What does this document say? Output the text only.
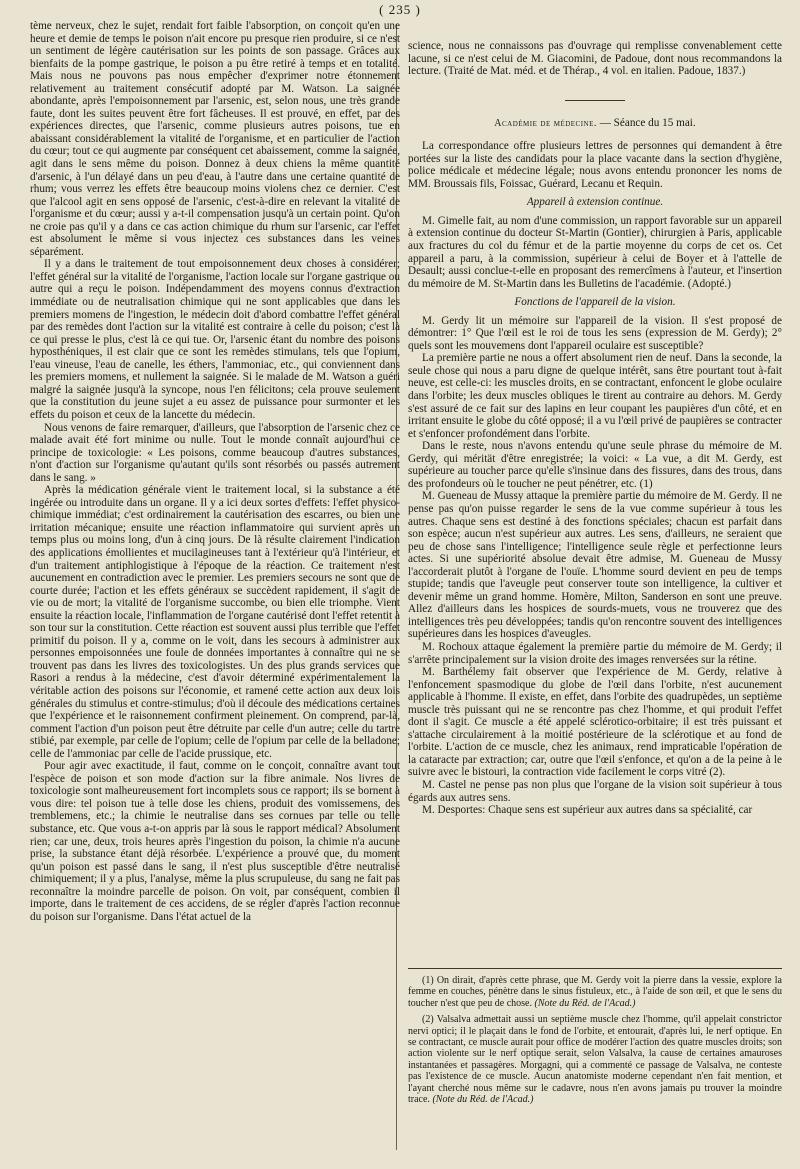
( 235 )

tème nerveux, chez le sujet, rendait fort faible l'absorption, on conçoit qu'en une heure et demie de temps le poison n'ait encore pu presque rien produire, si ce n'est un sentiment de légère cautérisation sur les points de son passage. Grâces aux bienfaits de la pompe gastrique, le poison a pu être retiré à temps et en totalité. Mais nous ne pouvons pas nous empêcher d'exprimer notre étonnement relativement au traitement consécutif adopté par M. Watson. La saignée abondante, après l'empoisonnement par l'arsenic, est, selon nous, une très grande faute, dont les suites peuvent être fort fâcheuses. Il est prouvé, en effet, par des expériences directes, que l'arsenic, comme plusieurs autres poisons, tue en abaissant considérablement la vitalité de l'organisme, et en particulier de l'action du cœur; tout ce qui augmente par conséquent cet abaissement, comme la saignée, agit dans le sens même du poison. Donnez à deux chiens la même quantité d'arsenic, à l'un délayé dans un peu d'eau, à l'autre dans une certaine quantité de rhum; vous verrez les effets être beaucoup moins violens chez ce dernier. C'est que l'alcool agit en sens opposé de l'arsenic, c'est-à-dire en relevant la vitalité de l'organisme et du cœur; aussi y a-t-il compensation jusqu'à un certain point. Qu'on ne croie pas qu'il y a dans ce cas action chimique du rhum sur l'arsenic, car l'effet est absolument le même si vous injectez ces substances dans les veines séparément.

Il y a dans le traitement de tout empoisonnement deux choses à considérer; l'effet général sur la vitalité de l'organisme, l'action locale sur l'organe gastrique ou autre qui a reçu le poison. Indépendamment des moyens connus d'extraction immédiate ou de neutralisation chimique qui ne sont applicables que dans les premiers momens de l'ingestion, le médecin doit d'abord combattre l'effet général par des remèdes dont l'action sur la vitalité est contraire à celle du poison; c'est là ce qui presse le plus, c'est là ce qui tue. Or, l'arsenic étant du nombre des poisons hyposthéniques, il est clair que ce sont les remèdes stimulans, tels que l'opium, l'eau vineuse, l'eau de canelle, les éthers, l'ammoniac, etc., qui conviennent dans les premiers momens, et nullement la saignée. Si le malade de M. Watson a guéri malgré la saignée jusqu'à la syncope, nous l'en félicitons; cela prouve seulement que la constitution du jeune sujet a eu assez de puissance pour surmonter et les effets du poison et ceux de la lancette du médecin.

Nous venons de faire remarquer, d'ailleurs, que l'absorption de l'arsenic chez ce malade avait été fort minime ou nulle. Tout le monde connaît aujourd'hui ce principe de toxicologie: « Les poisons, comme beaucoup d'autres substances, n'ont d'action sur l'organisme qu'autant qu'ils sont résorbés ou passés autrement dans le sang. »

Après la médication générale vient le traitement local, si la substance a été ingérée ou introduite dans un organe. Il y a ici deux sortes d'effets: l'effet physico-chimique immédiat; c'est ordinairement la cautérisation des escarres, ou bien une irritation mécanique; ensuite une réaction inflammatoire qui survient après un temps plus ou moins long, d'un à cinq jours. De là résulte clairement l'indication des applications émollientes et mucilagineuses tant à l'extérieur qu'à l'intérieur, et d'un traitement antiphlogistique à l'époque de la réaction. Ce traitement n'est aucunement en contradiction avec le premier. Les premiers secours ne sont que de courte durée; l'action et les effets généraux se succèdent rapidement, il s'agit de vie ou de mort; la vitalité de l'organisme succombe, ou bien elle triomphe. Vient ensuite la réaction locale, l'inflammation de l'organe cautérisé dont l'effet retentit à son tour sur la constitution. Cette réaction est souvent aussi plus terrible que l'effet primitif du poison. Il y a, comme on le voit, dans les secours à administrer aux personnes empoisonnées une foule de données importantes à connaître qui ne se trouvent pas dans les livres des toxicologistes. Un des plus grands services que Rasori a rendus à la médecine, c'est d'avoir déterminé expérimentalement la véritable action des poisons sur l'économie, et ramené cette action aux deux lois générales du stimulus et contre-stimulus; d'où il découle des médications certaines que l'expérience et le raisonnement confirment pleinement. On comprend, par-là, comment l'action d'un poison peut être détruite par celle d'un autre; celle du tartre stibié, par exemple, par celle de l'opium; celle de l'opium par celle de la belladone; celle de l'ammoniac par celle de l'acide prussique, etc.

Pour agir avec exactitude, il faut, comme on le conçoit, connaître avant tout l'espèce de poison et son mode d'action sur la fibre animale. Nos livres de toxicologie sont malheureusement fort incomplets sous ce rapport; ils se bornent à vous dire: tel poison tue à telle dose les chiens, produit des vomissemens, des tremblemens, etc.; la chimie le neutralise dans ses cornues par telle ou telle substance, etc. Que vous a-t-on appris par là sous le rapport médical? Absolument rien; car une, deux, trois heures après l'ingestion du poison, la chimie n'a aucune prise, la substance étant déjà résorbée. L'expérience a prouvé que, du moment qu'un poison est passé dans le sang, il n'est plus susceptible d'être neutralisé chimiquement; il y a plus, l'analyse, même la plus scrupuleuse, du sang ne fait pas reconnaître la moindre parcelle de poison. On voit, par conséquent, combien il importe, dans le traitement de ces accidens, de se régler d'après l'action reconnue du poison sur l'organisme. Dans l'état actuel de la

science, nous ne connaissons pas d'ouvrage qui remplisse convenablement cette lacune, si ce n'est celui de M. Giacomini, de Padoue, dont nous recommandons la lecture. (Traité de Mat. méd. et de Thérap., 4 vol. en italien. Padoue, 1837.)

Académie de médecine. — Séance du 15 mai.

La correspondance offre plusieurs lettres de personnes qui demandent à être portées sur la liste des candidats pour la place vacante dans la section d'hygiène, police médicale et médecine légale; nous avons entendu prononcer les noms de MM. Broussais fils, Foissac, Guérard, Lecanu et Requin.

Appareil à extension continue.

M. Gimelle fait, au nom d'une commission, un rapport favorable sur un appareil à extension continue du docteur St-Martin (Gontier), chirurgien à Paris, applicable aux fractures du col du fémur et de la partie moyenne du corps de cet os. Cet appareil a paru, à la commission, supérieur à celui de Boyer et à l'attelle de Desault; aussi conclue-t-elle en proposant des remercîmens à l'auteur, et l'insertion du mémoire de M. St-Martin dans les Bulletins de l'académie. (Adopté.)

Fonctions de l'appareil de la vision.

M. Gerdy lit un mémoire sur l'appareil de la vision. Il s'est proposé de démontrer: 1° Que l'œil est le roi de tous les sens (expression de M. Gerdy); 2° quels sont les mouvemens dont l'appareil oculaire est susceptible?

La première partie ne nous a offert absolument rien de neuf. Dans la seconde, la seule chose qui nous a paru digne de quelque intérêt, sans être pourtant tout à-fait neuve, est celle-ci: les muscles droits, en se contractant, enfoncent le globe oculaire dans l'orbite; les deux muscles obliques le tirent au contraire au dehors. M. Gerdy s'est assuré de ce fait sur des lapins en leur coupant les paupières d'un côté, et en irritant ensuite le globe du côté opposé; il a vu l'œil privé de paupières se contracter et s'enfoncer profondément dans l'orbite.

Dans le reste, nous n'avons entendu qu'une seule phrase du mémoire de M. Gerdy, qui mérität d'être enregistrée; la voici: « La vue, a dit M. Gerdy, est supérieure au toucher parce qu'elle s'insinue dans des fissures, dans des trous, dans des profondeurs où le toucher ne peut pénétrer, etc. (1)

M. Gueneau de Mussy attaque la première partie du mémoire de M. Gerdy. Il ne pense pas qu'on puisse regarder le sens de la vue comme supérieur à tous les autres. Chaque sens est destiné à des fonctions spéciales; chacun est parfait dans son espèce; aucun n'est supérieur aux autres. Les sens, d'ailleurs, ne seraient que peu de chose sans l'intelligence; l'intelligence seule règle et perfectionne leurs actes. Si une supériorité absolue devait être admise, M. Gueneau de Mussy l'accorderait plutôt à l'organe de l'ouïe. L'homme sourd devient en peu de temps stupide; tandis que l'aveugle peut conserver toute son intelligence, la cultiver et devenir même un grand homme. Homère, Milton, Sanderson en sont une preuve. Allez d'ailleurs dans les hospices de sourds-muets, vous ne trouverez que des intelligences très peu développées; tandis qu'on rencontre souvent des intelligences supérieures dans les hospices d'aveugles.

M. Rochoux attaque également la première partie du mémoire de M. Gerdy; il s'arrête principalement sur la vision droite des images renversées sur la rétine.

M. Barthélemy fait observer que l'expérience de M. Gerdy, relative à l'enfoncement spasmodique du globe de l'œil dans l'orbite, n'est aucunement applicable à l'homme. Il existe, en effet, dans l'orbite des quadrupèdes, un septième muscle très puissant qui ne se rencontre pas chez l'homme, et qui produit l'effet dont il s'agit. Ce muscle a été appelé scléroticо-orbitaire; il est très puissant et s'attache circulairement à la moitié postérieure de la sclérotique et au fond de l'orbite. L'action de ce muscle, chez les animaux, rend impraticable l'opération de la cataracte par extraction; car, outre que l'œil s'enfonce, et qu'on a de la peine à le suivre avec le bistouri, la contraction vide facilement le corps vitré (2).

M. Castel ne pense pas non plus que l'organe de la vision soit supérieur à tous égards aux autres sens.

M. Desportes: Chaque sens est supérieur aux autres dans sa spécialité, car

(1) On dirait, d'après cette phrase, que M. Gerdy voit la pierre dans la vessie, explore la femme en couches, pénètre dans le sinus fistuleux, etc., à l'aide de son œil, et que le sens du toucher n'est que peu de chose. (Note du Réd. de l'Acad.)

(2) Valsalva admettait aussi un septième muscle chez l'homme, qu'il appelait constrictor nervi optici; il le plaçait dans le fond de l'orbite, et entourait, d'après lui, le nerf optique. En se contractant, ce muscle aurait pour office de modérer l'action des quatre muscles droits; son action violente sur le nerf optique serait, selon Valsalva, la cause de certaines amauroses instantanées et passagères. Morgagni, qui a commenté ce passage de Valsalva, ne conteste pas l'existence de ce muscle. Aucun anatomiste moderne cependant n'en fait mention, et l'ayant cherché nous même sur le cadavre, nous n'en avons jamais pu trouver la moindre trace. (Note du Réd. de l'Acad.)
